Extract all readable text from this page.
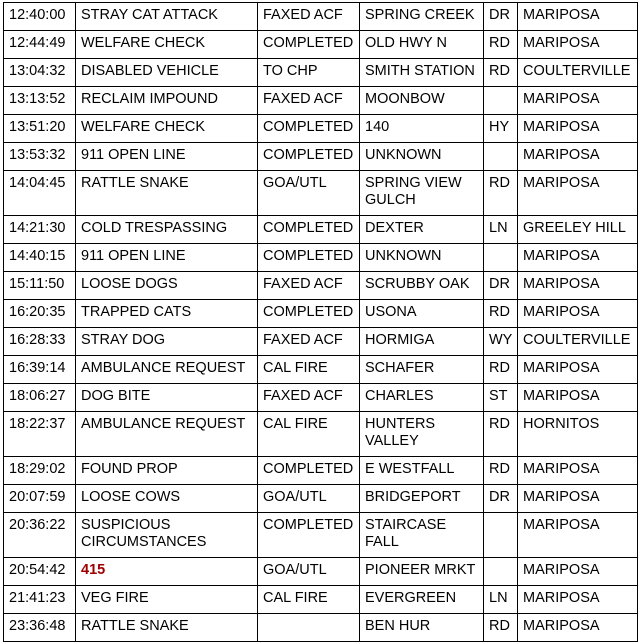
12:40:00	STRAY CAT ATTACK	FAXED ACF	SPRING CREEK	DR	MARIPOSA
12:44:49	WELFARE CHECK	COMPLETED	OLD HWY N	RD	MARIPOSA
13:04:32	DISABLED VEHICLE	TO CHP	SMITH STATION	RD	COULTERVILLE
13:13:52	RECLAIM IMPOUND	FAXED ACF	MOONBOW		MARIPOSA
13:51:20	WELFARE CHECK	COMPLETED	140	HY	MARIPOSA
13:53:32	911 OPEN LINE	COMPLETED	UNKNOWN		MARIPOSA
14:04:45	RATTLE SNAKE	GOA/UTL	SPRING VIEW GULCH	RD	MARIPOSA
14:21:30	COLD TRESPASSING	COMPLETED	DEXTER	LN	GREELEY HILL
14:40:15	911 OPEN LINE	COMPLETED	UNKNOWN		MARIPOSA
15:11:50	LOOSE DOGS	FAXED ACF	SCRUBBY OAK	DR	MARIPOSA
16:20:35	TRAPPED CATS	COMPLETED	USONA	RD	MARIPOSA
16:28:33	STRAY DOG	FAXED ACF	HORMIGA	WY	COULTERVILLE
16:39:14	AMBULANCE REQUEST	CAL FIRE	SCHAFER	RD	MARIPOSA
18:06:27	DOG BITE	FAXED ACF	CHARLES	ST	MARIPOSA
18:22:37	AMBULANCE REQUEST	CAL FIRE	HUNTERS VALLEY	RD	HORNITOS
18:29:02	FOUND PROP	COMPLETED	E WESTFALL	RD	MARIPOSA
20:07:59	LOOSE COWS	GOA/UTL	BRIDGEPORT	DR	MARIPOSA
20:36:22	SUSPICIOUS CIRCUMSTANCES	COMPLETED	STAIRCASE FALL		MARIPOSA
20:54:42	415	GOA/UTL	PIONEER MRKT		MARIPOSA
21:41:23	VEG FIRE	CAL FIRE	EVERGREEN	LN	MARIPOSA
23:36:48	RATTLE SNAKE		BEN HUR	RD	MARIPOSA
